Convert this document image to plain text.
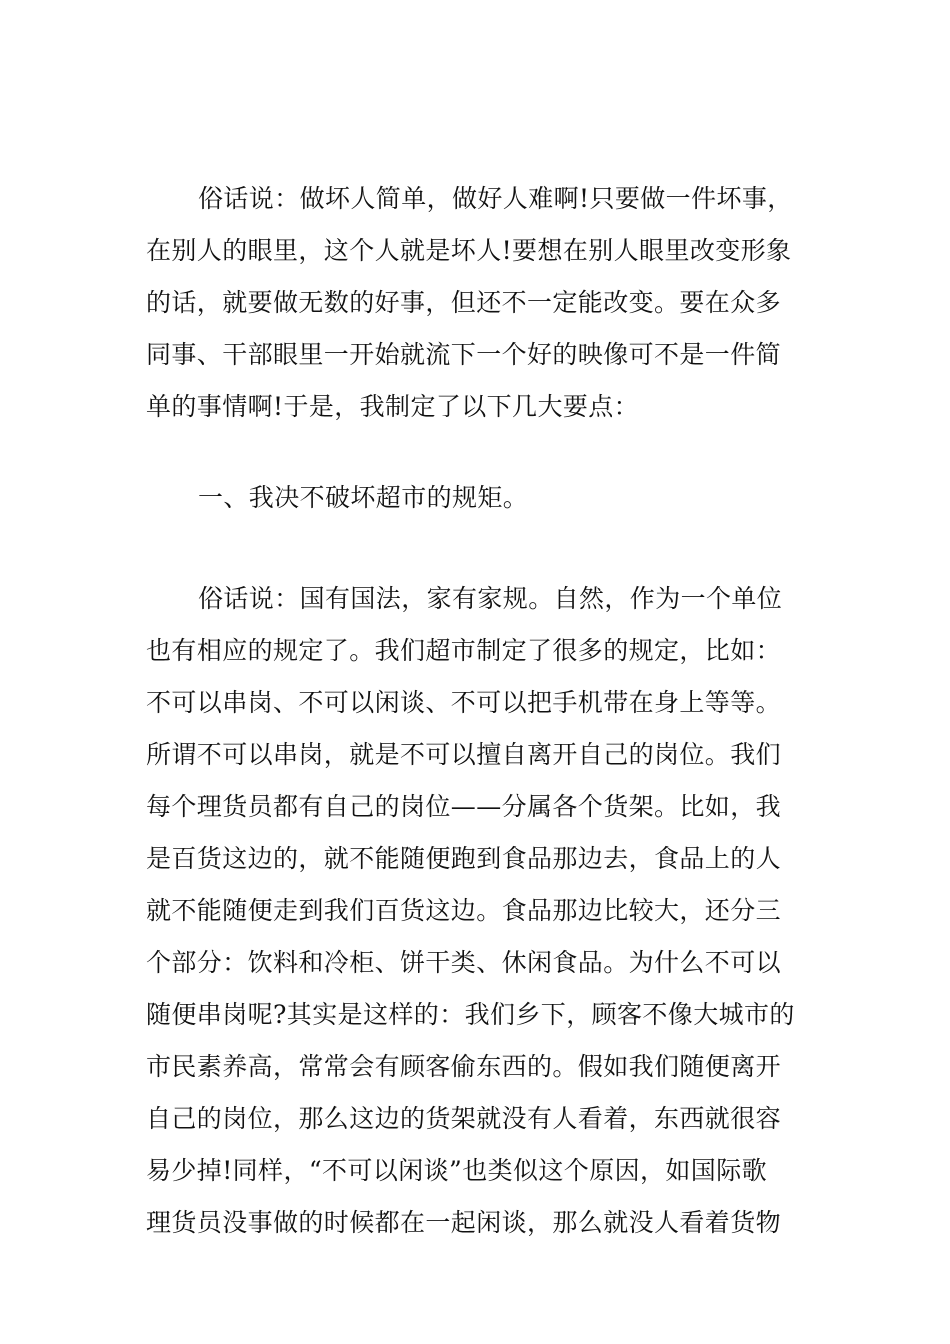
俗话说：做坏人简单，做好人难啊!只要做一件坏事，
在别人的眼里，这个人就是坏人!要想在别人眼里改变形象
的话，就要做无数的好事，但还不一定能改变。要在众多
同事、干部眼里一开始就流下一个好的映像可不是一件简
单的事情啊!于是，我制定了以下几大要点：
一、我决不破坏超市的规矩。
俗话说：国有国法，家有家规。自然，作为一个单位
也有相应的规定了。我们超市制定了很多的规定，比如：
不可以串岗、不可以闲谈、不可以把手机带在身上等等。
所谓不可以串岗，就是不可以擅自离开自己的岗位。我们
每个理货员都有自己的岗位——分属各个货架。比如，我
是百货这边的，就不能随便跑到食品那边去，食品上的人
就不能随便走到我们百货这边。食品那边比较大，还分三
个部分：饮料和冷柜、饼干类、休闲食品。为什么不可以
随便串岗呢?其实是这样的：我们乡下，顾客不像大城市的
市民素养高，常常会有顾客偷东西的。假如我们随便离开
自己的岗位，那么这边的货架就没有人看着，东西就很容
易少掉!同样，“不可以闲谈”也类似这个原因，如国际歌
理货员没事做的时候都在一起闲谈，那么就没人看着货物
